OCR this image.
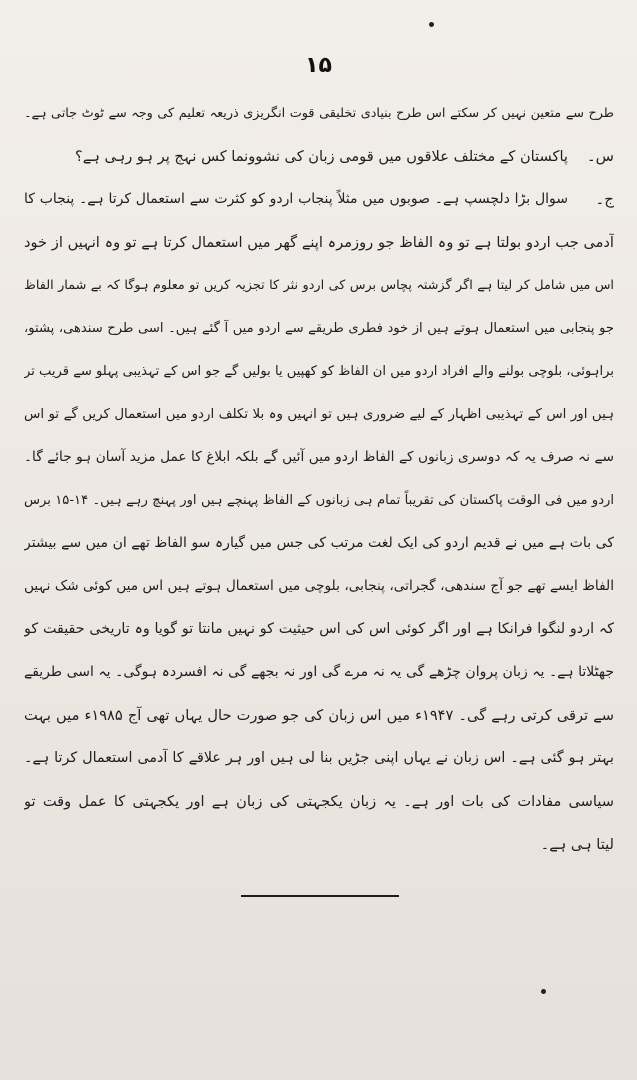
۱۵
طرح سے متعین نہیں کر سکتے اس طرح بنیادی تخلیقی قوت انگریزی ذریعہ تعلیم کی وجہ سے ٹوٹ جاتی ہے۔
س۔
پاکستان کے مختلف علاقوں میں قومی زبان کی نشوونما کس نہج پر ہو رہی ہے؟
ج۔
سوال بڑا دلچسپ ہے۔ صوبوں میں مثلاً پنجاب اردو کو کثرت سے استعمال کرتا ہے۔ پنجاب کا
آدمی جب اردو بولتا ہے تو وہ الفاظ جو روزمرہ اپنے گھر میں استعمال کرتا ہے تو وہ انہیں از خود
اس میں شامل کر لیتا ہے اگر گزشتہ پچاس برس کی اردو نثر کا تجزیہ کریں تو معلوم ہوگا کہ بے شمار الفاظ
جو پنجابی میں استعمال ہوتے ہیں از خود فطری طریقے سے اردو میں آ گئے ہیں۔ اسی طرح سندھی، پشتو،
براہوئی، بلوچی بولنے والے افراد اردو میں ان الفاظ کو کھپیں یا بولیں گے جو اس کے تہذیبی پہلو سے قریب تر
ہیں اور اس کے تہذیبی اظہار کے لیے ضروری ہیں تو انہیں وہ بلا تکلف اردو میں استعمال کریں گے تو اس
سے نہ صرف یہ کہ دوسری زبانوں کے الفاظ اردو میں آئیں گے بلکہ ابلاغ کا عمل مزید آسان ہو جائے گا۔
اردو میں فی الوقت پاکستان کی تقریباً تمام ہی زبانوں کے الفاظ پہنچے ہیں اور پہنچ رہے ہیں۔ ۱۴-۱۵ برس
کی بات ہے میں نے قدیم اردو کی ایک لغت مرتب کی جس میں گیارہ سو الفاظ تھے ان میں سے بیشتر
الفاظ ایسے تھے جو آج سندھی، گجراتی، پنجابی، بلوچی میں استعمال ہوتے ہیں اس میں کوئی شک نہیں
کہ اردو لنگوا فرانکا ہے اور اگر کوئی اس کی اس حیثیت کو نہیں مانتا تو گویا وہ تاریخی حقیقت کو
جھٹلاتا ہے۔ یہ زبان پروان چڑھے گی یہ نہ مرے گی اور نہ بجھے گی نہ افسردہ ہوگی۔ یہ اسی طریقے
سے ترقی کرتی رہے گی۔ ۱۹۴۷ء میں اس زبان کی جو صورت حال یہاں تھی آج ۱۹۸۵ء میں بہت
بہتر ہو گئی ہے۔ اس زبان نے یہاں اپنی جڑیں بنا لی ہیں اور ہر علاقے کا آدمی استعمال کرتا ہے۔
سیاسی مفادات کی بات اور ہے۔ یہ زبان یکجہتی کی زبان ہے اور یکجہتی کا عمل وقت تو
لیتا ہی ہے۔
